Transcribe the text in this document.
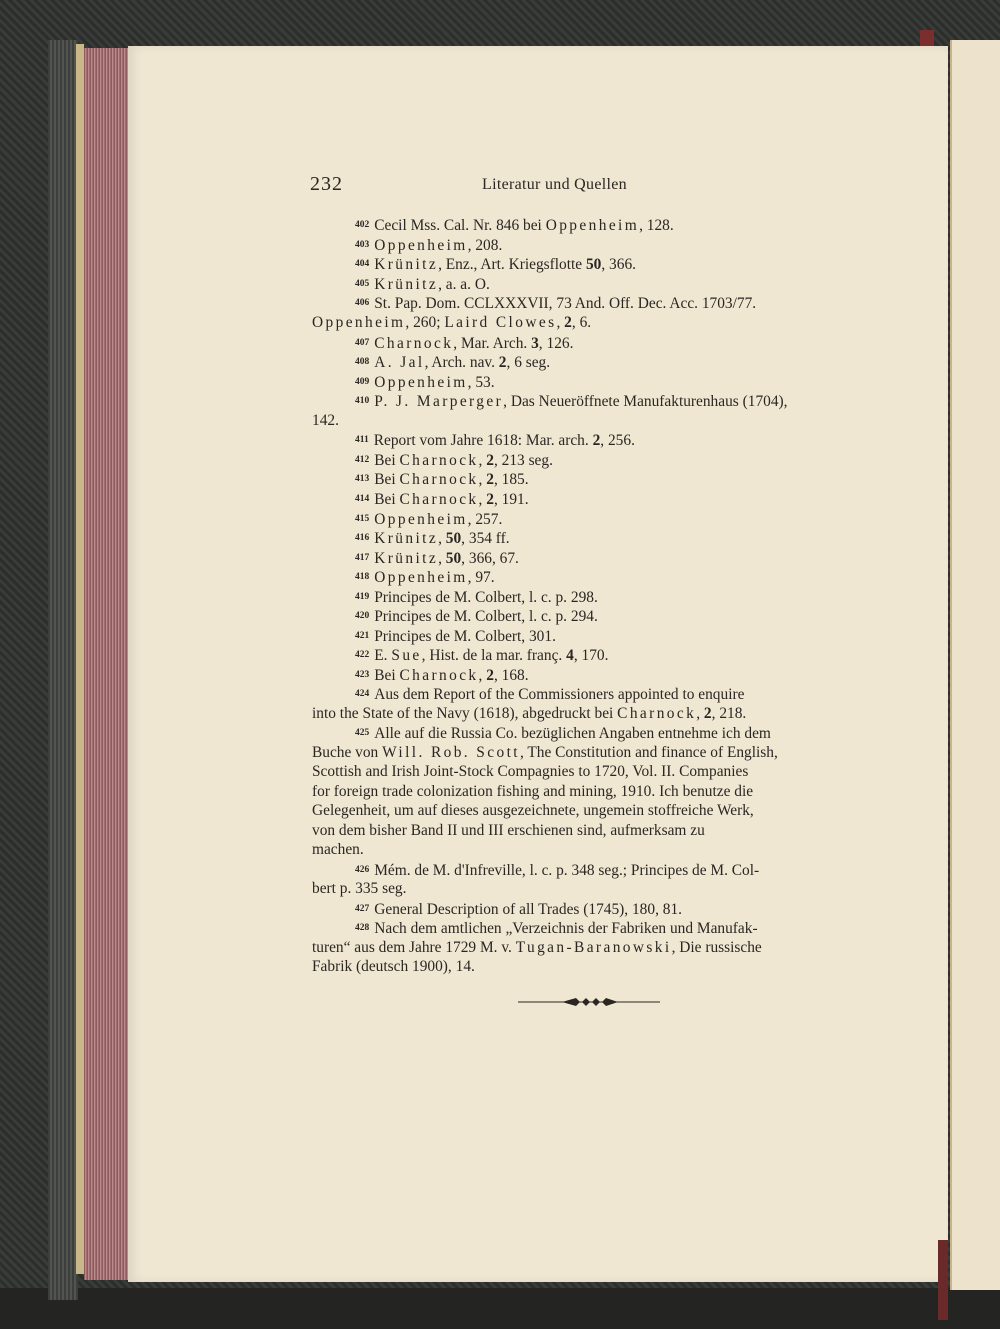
232	Literatur und Quellen
402 Cecil Mss. Cal. Nr. 846 bei Oppenheim, 128.
403 Oppenheim, 208.
404 Krünitz, Enz., Art. Kriegsflotte 50, 366.
405 Krünitz, a. a. O.
406 St. Pap. Dom. CCLXXXVII, 73 And. Off. Dec. Acc. 1703/77.
Oppenheim, 260; Laird Clowes, 2, 6.
407 Charnock, Mar. Arch. 3, 126.
408 A. Jal, Arch. nav. 2, 6 seg.
409 Oppenheim, 53.
410 P. J. Marperger, Das Neueröffnete Manufakturenhaus (1704),
142.
411 Report vom Jahre 1618: Mar. arch. 2, 256.
412 Bei Charnock, 2, 213 seg.
413 Bei Charnock, 2, 185.
414 Bei Charnock, 2, 191.
415 Oppenheim, 257.
416 Krünitz, 50, 354 ff.
417 Krünitz, 50, 366, 67.
418 Oppenheim, 97.
419 Principes de M. Colbert, l. c. p. 298.
420 Principes de M. Colbert, l. c. p. 294.
421 Principes de M. Colbert, 301.
422 E. Sue, Hist. de la mar. franç. 4, 170.
423 Bei Charnock, 2, 168.
424 Aus dem Report of the Commissioners appointed to enquire
into the State of the Navy (1618), abgedruckt bei Charnock, 2, 218.
425 Alle auf die Russia Co. bezüglichen Angaben entnehme ich dem
Buche von Will. Rob. Scott, The Constitution and finance of English,
Scottish and Irish Joint-Stock Compagnies to 1720, Vol. II. Companies
for foreign trade colonization fishing and mining, 1910. Ich benutze die
Gelegenheit, um auf dieses ausgezeichnete, ungemein stoffreiche Werk,
von dem bisher Band II und III erschienen sind, aufmerksam zu
machen.
426 Mém. de M. d'Infreville, l. c. p. 348 seg.; Principes de M. Col-
bert p. 335 seg.
427 General Description of all Trades (1745), 180, 81.
428 Nach dem amtlichen „Verzeichnis der Fabriken und Manufak-
turen“ aus dem Jahre 1729 M. v. Tugan-Baranowski, Die russische
Fabrik (deutsch 1900), 14.
